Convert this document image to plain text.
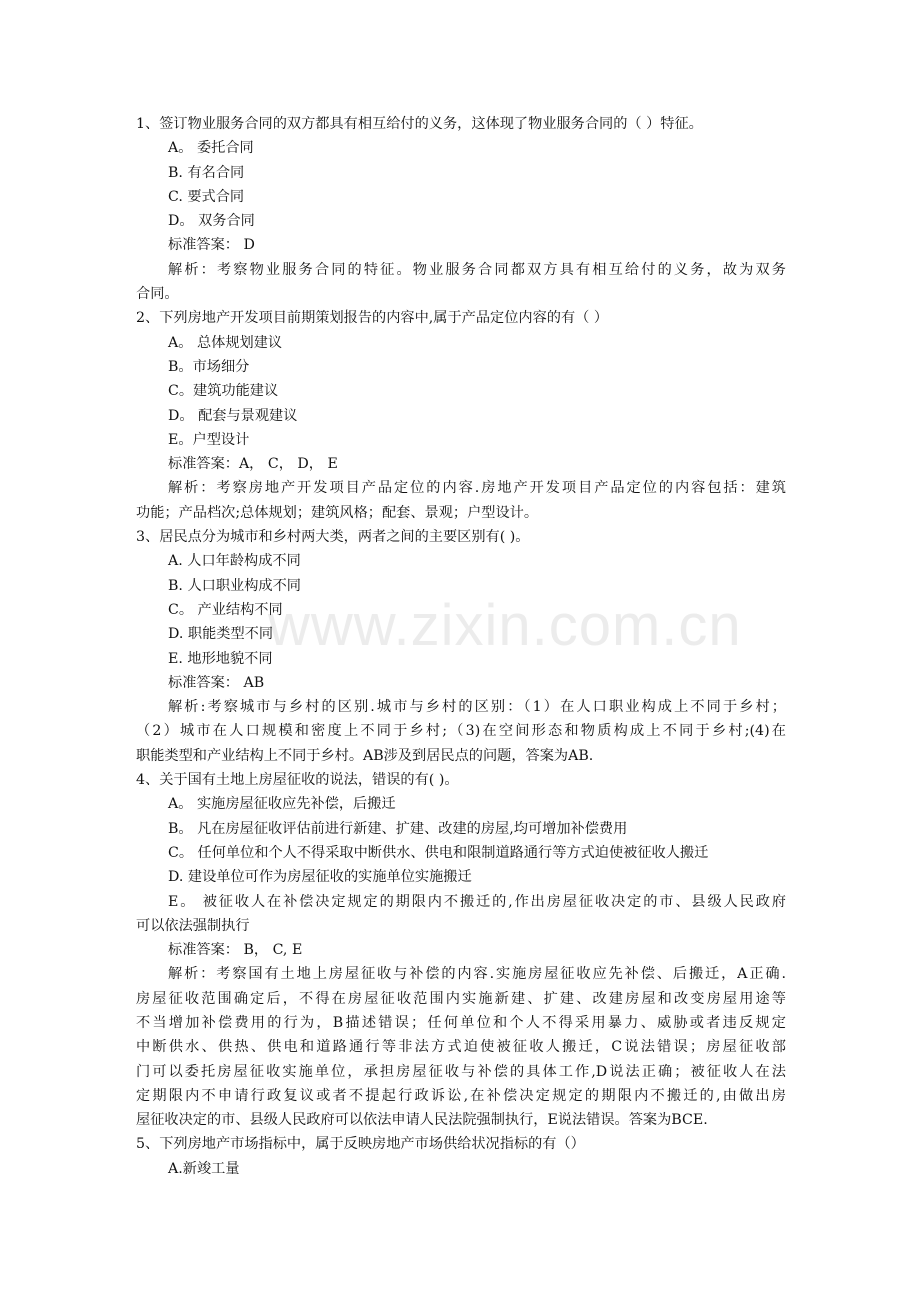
www.zixin.com.cn
1、签订物业服务合同的双方都具有相互给付的义务，这体现了物业服务合同的（ ）特征。
A。 委托合同
B. 有名合同
C. 要式合同
D。 双务合同
标准答案： D
解析：考察物业服务合同的特征。物业服务合同都双方具有相互给付的义务，故为双务
合同。
2、下列房地产开发项目前期策划报告的内容中,属于产品定位内容的有（ ）
A。 总体规划建议
B。市场细分
C。建筑功能建议
D。 配套与景观建议
E。户型设计
标准答案：A， C， D， E
解析：考察房地产开发项目产品定位的内容.房地产开发项目产品定位的内容包括：建筑
功能；产品档次;总体规划；建筑风格；配套、景观；户型设计。
3、居民点分为城市和乡村两大类，两者之间的主要区别有( )。
A. 人口年龄构成不同
B. 人口职业构成不同
C。 产业结构不同
D. 职能类型不同
E. 地形地貌不同
标准答案： AB
解析:考察城市与乡村的区别.城市与乡村的区别：（1）在人口职业构成上不同于乡村；
（2）城市在人口规模和密度上不同于乡村;（3)在空间形态和物质构成上不同于乡村;(4)在
职能类型和产业结构上不同于乡村。AB涉及到居民点的问题，答案为AB.
4、关于国有土地上房屋征收的说法，错误的有( )。
A。 实施房屋征收应先补偿，后搬迁
B。 凡在房屋征收评估前进行新建、扩建、改建的房屋,均可增加补偿费用
C。 任何单位和个人不得采取中断供水、供电和限制道路通行等方式迫使被征收人搬迁
D. 建设单位可作为房屋征收的实施单位实施搬迁
E。 被征收人在补偿决定规定的期限内不搬迁的,作出房屋征收决定的市、县级人民政府
可以依法强制执行
标准答案： B， C, E
解析：考察国有土地上房屋征收与补偿的内容.实施房屋征收应先补偿、后搬迁，A正确.
房屋征收范围确定后，不得在房屋征收范围内实施新建、扩建、改建房屋和改变房屋用途等
不当增加补偿费用的行为，B描述错误；任何单位和个人不得采用暴力、威胁或者违反规定
中断供水、供热、供电和道路通行等非法方式迫使被征收人搬迁，C说法错误；房屋征收部
门可以委托房屋征收实施单位，承担房屋征收与补偿的具体工作,D说法正确；被征收人在法
定期限内不申请行政复议或者不提起行政诉讼,在补偿决定规定的期限内不搬迁的,由做出房
屋征收决定的市、县级人民政府可以依法申请人民法院强制执行，E说法错误。答案为BCE.
5、下列房地产市场指标中，属于反映房地产市场供给状况指标的有（）
A.新竣工量
